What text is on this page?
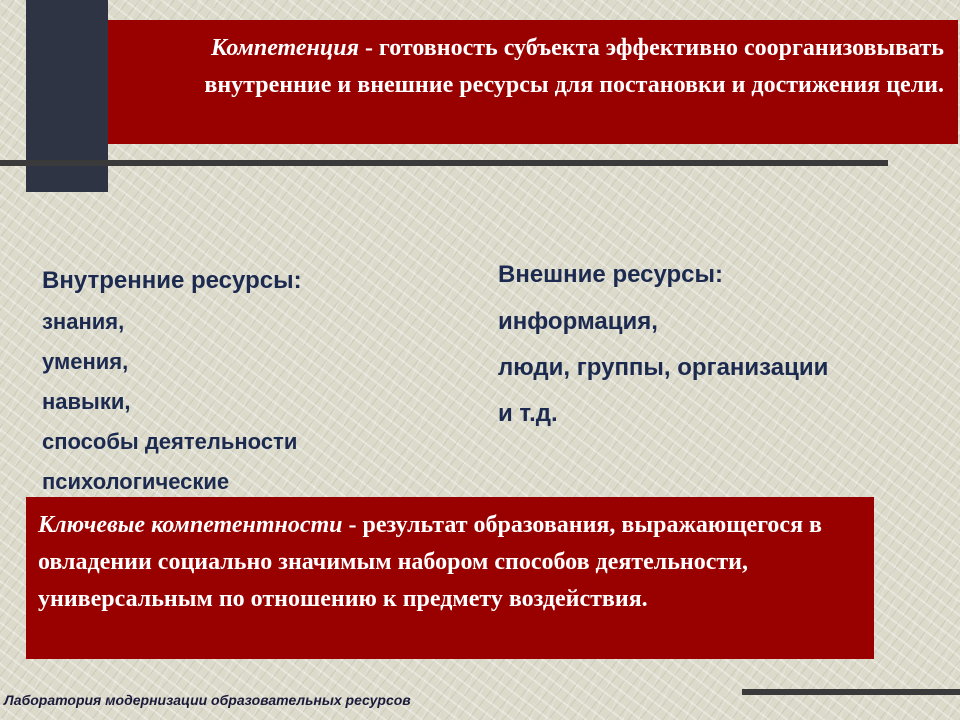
Компетенция - готовность субъекта эффективно соорганизовывать внутренние и внешние ресурсы для постановки и достижения цели.
Внутренние ресурсы:
знания,
умения,
навыки,
способы деятельности
психологические
Внешние ресурсы:
информация,
люди, группы, организации
и т.д.
Ключевые компетентности - результат образования, выражающегося в овладении социально значимым набором способов деятельности, универсальным по отношению к предмету воздействия.
Лаборатория модернизации образовательных ресурсов
